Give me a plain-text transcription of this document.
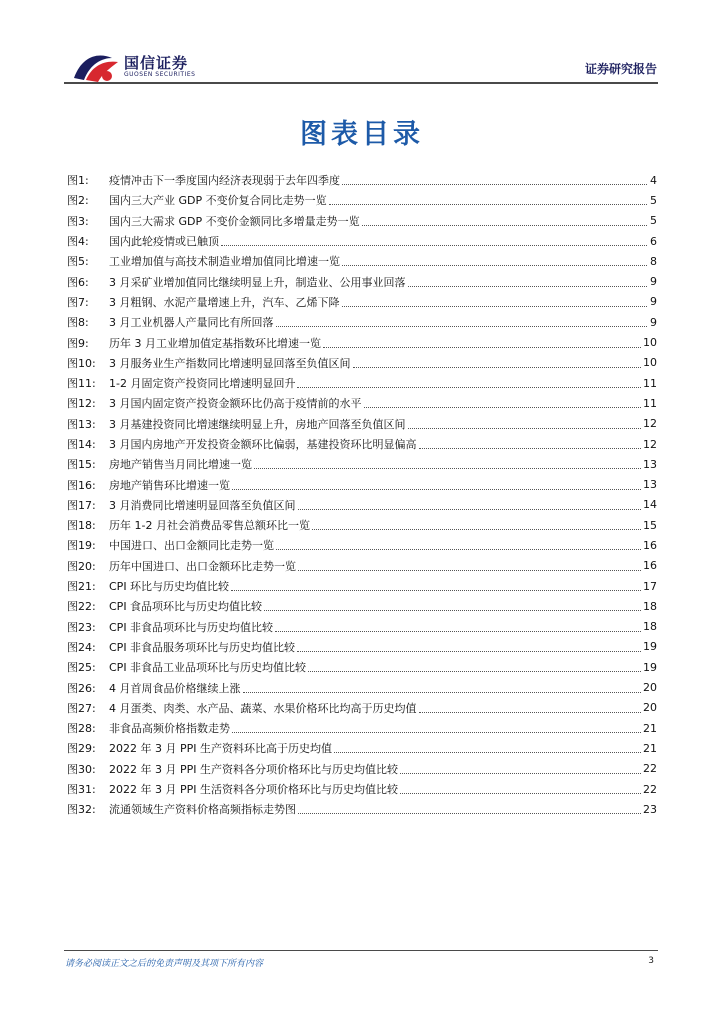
国信证券
GUOSEN SECURITIES	证券研究报告
图表目录
图1:	疫情冲击下一季度国内经济表现弱于去年四季度	4
图2:	国内三大产业 GDP 不变价复合同比走势一览	5
图3:	国内三大需求 GDP 不变价金额同比多增量走势一览	5
图4:	国内此轮疫情或已触顶	6
图5:	工业增加值与高技术制造业增加值同比增速一览	8
图6:	3 月采矿业增加值同比继续明显上升，制造业、公用事业回落	9
图7:	3 月粗钢、水泥产量增速上升，汽车、乙烯下降	9
图8:	3 月工业机器人产量同比有所回落	9
图9:	历年 3 月工业增加值定基指数环比增速一览	10
图10:	3 月服务业生产指数同比增速明显回落至负值区间	10
图11:	1-2 月固定资产投资同比增速明显回升	11
图12:	3 月国内固定资产投资金额环比仍高于疫情前的水平	11
图13:	3 月基建投资同比增速继续明显上升，房地产回落至负值区间	12
图14:	3 月国内房地产开发投资金额环比偏弱，基建投资环比明显偏高	12
图15:	房地产销售当月同比增速一览	13
图16:	房地产销售环比增速一览	13
图17:	3 月消费同比增速明显回落至负值区间	14
图18:	历年 1-2 月社会消费品零售总额环比一览	15
图19:	中国进口、出口金额同比走势一览	16
图20:	历年中国进口、出口金额环比走势一览	16
图21:	CPI 环比与历史均值比较	17
图22:	CPI 食品项环比与历史均值比较	18
图23:	CPI 非食品项环比与历史均值比较	18
图24:	CPI 非食品服务项环比与历史均值比较	19
图25:	CPI 非食品工业品项环比与历史均值比较	19
图26:	4 月首周食品价格继续上涨	20
图27:	4 月蛋类、肉类、水产品、蔬菜、水果价格环比均高于历史均值	20
图28:	非食品高频价格指数走势	21
图29:	2022 年 3 月 PPI 生产资料环比高于历史均值	21
图30:	2022 年 3 月 PPI 生产资料各分项价格环比与历史均值比较	22
图31:	2022 年 3 月 PPI 生活资料各分项价格环比与历史均值比较	22
图32:	流通领域生产资料价格高频指标走势图	23
请务必阅读正文之后的免责声明及其项下所有内容	3
